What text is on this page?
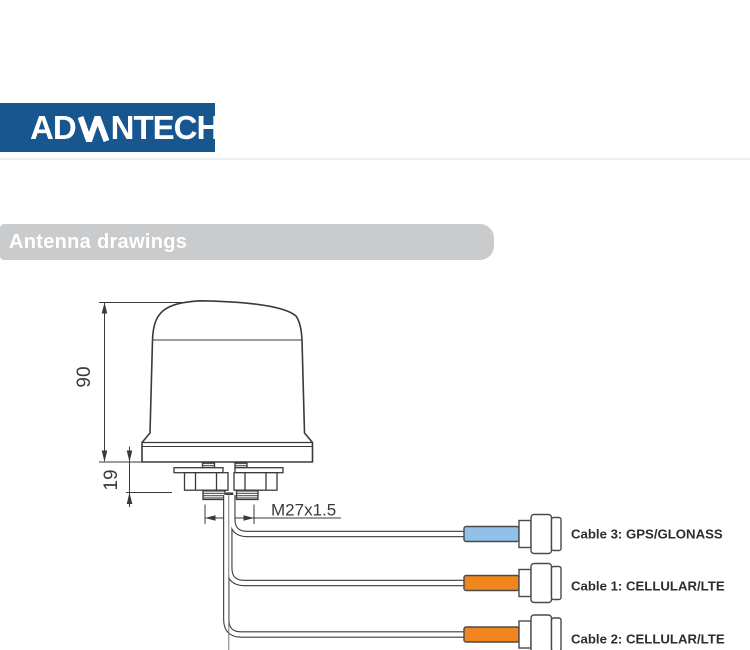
90
19
M27x1.5
Cable 3: GPS/GLONASS
Cable 1: CELLULAR/LTE
Cable 2: CELLULAR/LTE
AD NTECH
Antenna drawings
